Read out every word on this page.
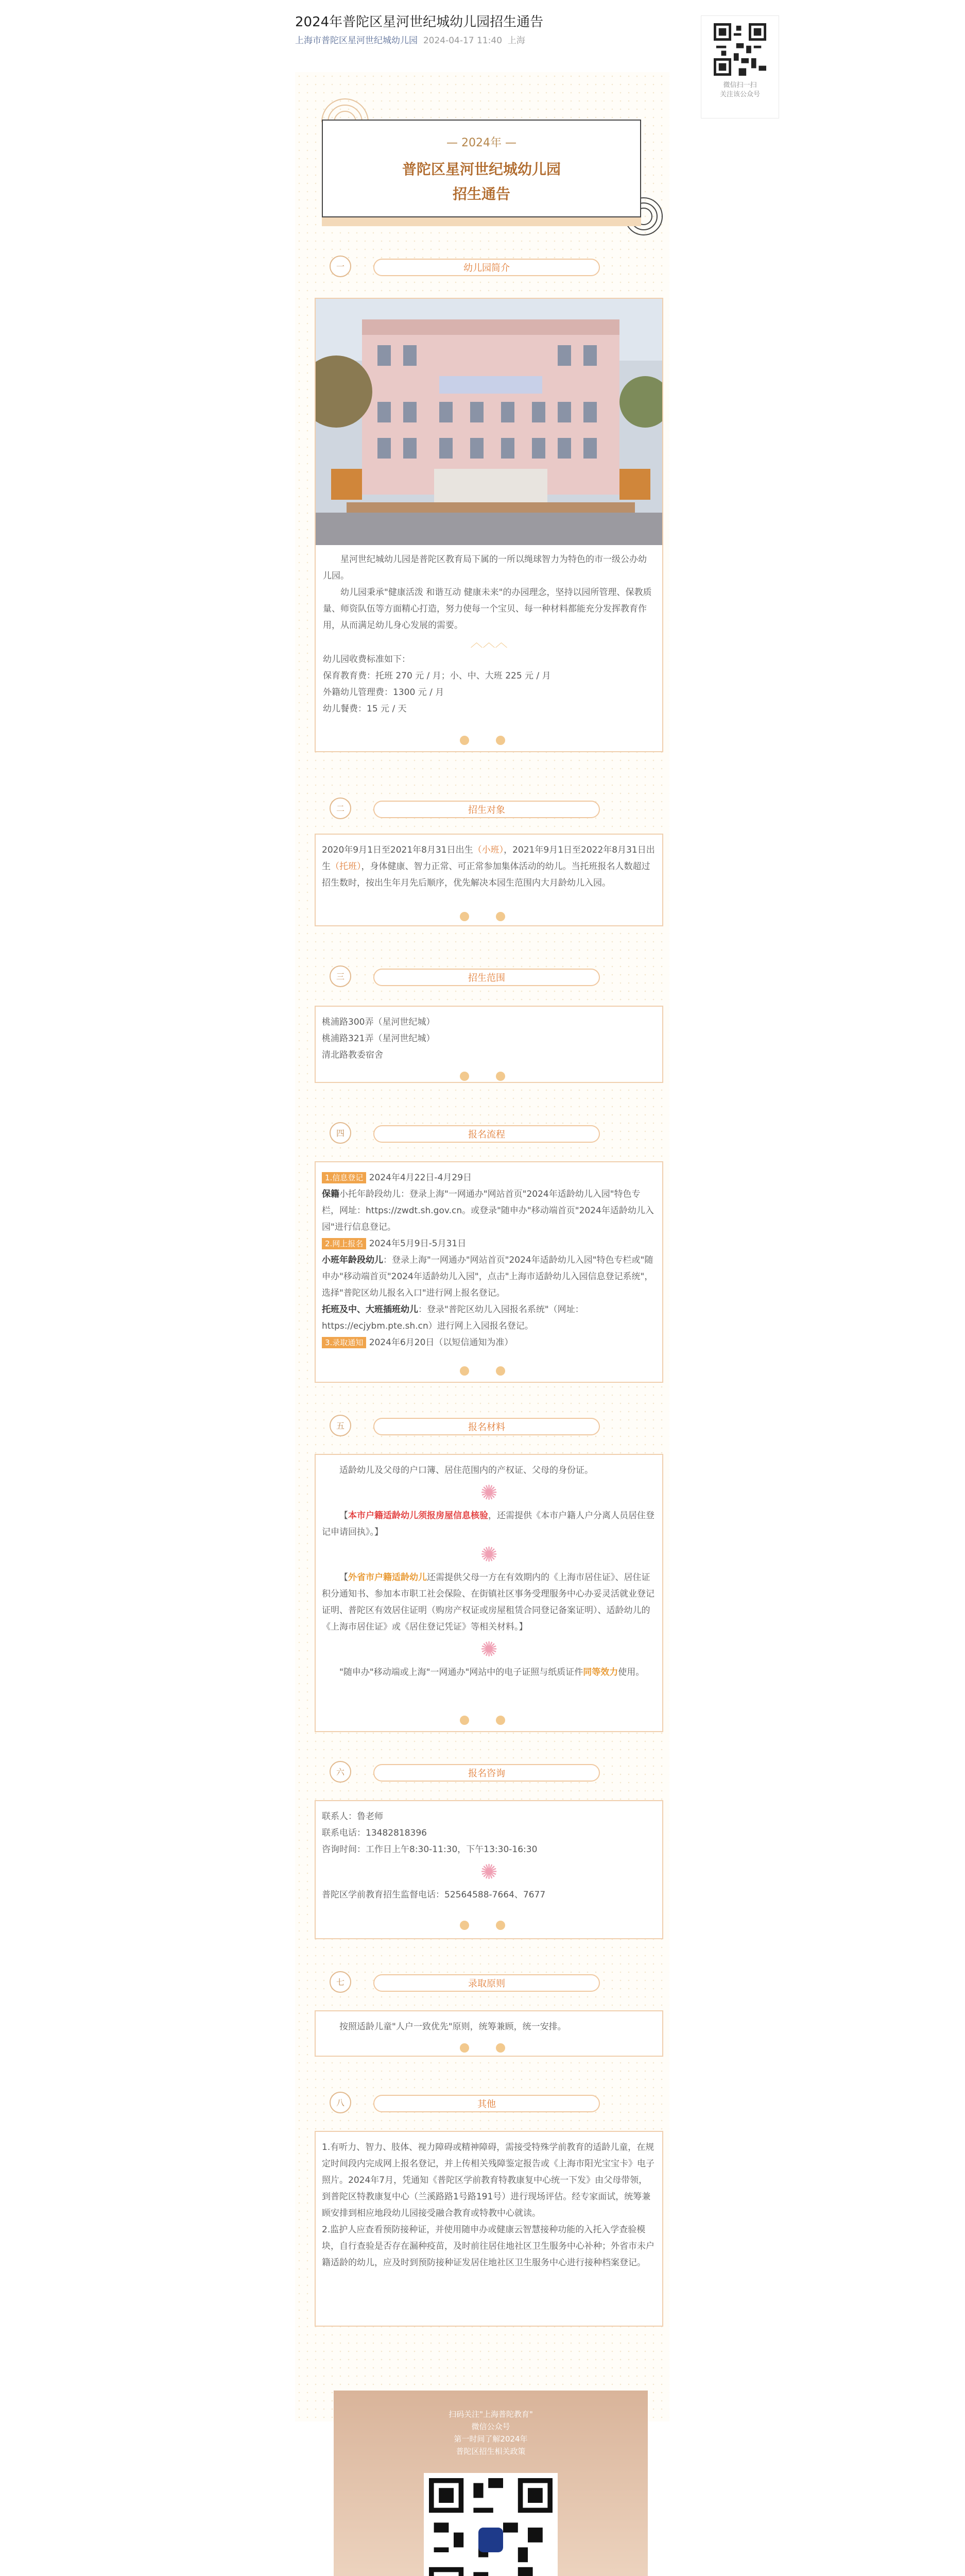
2024年普陀区星河世纪城幼儿园招生通告
上海市普陀区星河世纪城幼儿园 2024-04-17 11:40 上海
微信扫一扫
关注该公众号
— 2024年 —
普陀区星河世纪城幼儿园
招生通告
一	幼儿园简介
星河世纪城幼儿园是普陀区教育局下属的一所以绳球智力为特色的市一级公办幼儿园。
幼儿园秉承"健康活泼 和谐互动 健康未来"的办园理念，坚持以园所管理、保教质量、师资队伍等方面精心打造，努力使每一个宝贝、每一种材料都能充分发挥教育作用，从而满足幼儿身心发展的需要。
︿︿︿
幼儿园收费标准如下：
保育教育费：托班 270 元 / 月；小、中、大班 225 元 / 月
外籍幼儿管理费：1300 元 / 月
幼儿餐费：15 元 / 天
二	招生对象
2020年9月1日至2021年8月31日出生（小班），2021年9月1日至2022年8月31日出生（托班），身体健康、智力正常、可正常参加集体活动的幼儿。当托班报名人数超过招生数时，按出生年月先后顺序，优先解决本园生范围内大月龄幼儿入园。
三	招生范围
桃浦路300弄（星河世纪城）
桃浦路321弄（星河世纪城）
清北路教委宿舍
四	报名流程
1.信息登记 2024年4月22日-4月29日
保籍小托年龄段幼儿：登录上海"一网通办"网站首页"2024年适龄幼儿入园"特色专栏，网址：https://zwdt.sh.gov.cn。或登录"随申办"移动端首页"2024年适龄幼儿入园"进行信息登记。
2.网上报名 2024年5月9日-5月31日
小班年龄段幼儿：登录上海"一网通办"网站首页"2024年适龄幼儿入园"特色专栏或"随申办"移动端首页"2024年适龄幼儿入园"，点击"上海市适龄幼儿入园信息登记系统"，选择"普陀区幼儿报名入口"进行网上报名登记。
托班及中、大班插班幼儿：登录"普陀区幼儿入园报名系统"（网址：https://ecjybm.pte.sh.cn）进行网上入园报名登记。
3.录取通知 2024年6月20日（以短信通知为准）
五	报名材料
适龄幼儿及父母的户口簿、居住范围内的产权证、父母的身份证。
✺
【本市户籍适龄幼儿须报房屋信息核验，还需提供《本市户籍人户分离人员居住登记申请回执》。】
✺
【外省市户籍适龄幼儿还需提供父母一方在有效期内的《上海市居住证》、居住证积分通知书、参加本市职工社会保险、在街镇社区事务受理服务中心办妥灵活就业登记证明、普陀区有效居住证明（购房产权证或房屋租赁合同登记备案证明）、适龄幼儿的《上海市居住证》或《居住登记凭证》等相关材料。】
✺
"随申办"移动端或上海"一网通办"网站中的电子证照与纸质证件同等效力使用。
六	报名咨询
联系人：鲁老师
联系电话：13482818396
咨询时间：工作日上午8:30-11:30，下午13:30-16:30
✺
普陀区学前教育招生监督电话：52564588-7664、7677
七	录取原则
按照适龄儿童"人户一致优先"原则，统筹兼顾，统一安排。
八	其他
1.有听力、智力、肢体、视力障碍或精神障碍，需接受特殊学前教育的适龄儿童，在规定时间段内完成网上报名登记，并上传相关残障鉴定报告或《上海市阳光宝宝卡》电子照片。2024年7月，凭通知《普陀区学前教育特教康复中心统一下发》由父母带领，到普陀区特教康复中心（兰溪路路1号路191号）进行现场评估。经专家面试，统筹兼顾安排到相应地段幼儿园接受融合教育或特教中心就读。
2.监护人应查看预防接种证，并使用随申办或健康云智慧接种功能的入托入学查验模块，自行查验是否存在漏种疫苗，及时前往居住地社区卫生服务中心补种；外省市未户籍适龄的幼儿，应及时到预防接种证发居住地社区卫生服务中心进行接种档案登记。
扫码关注"上海普陀教育"
微信公众号
第一时间了解2024年
普陀区招生相关政策
